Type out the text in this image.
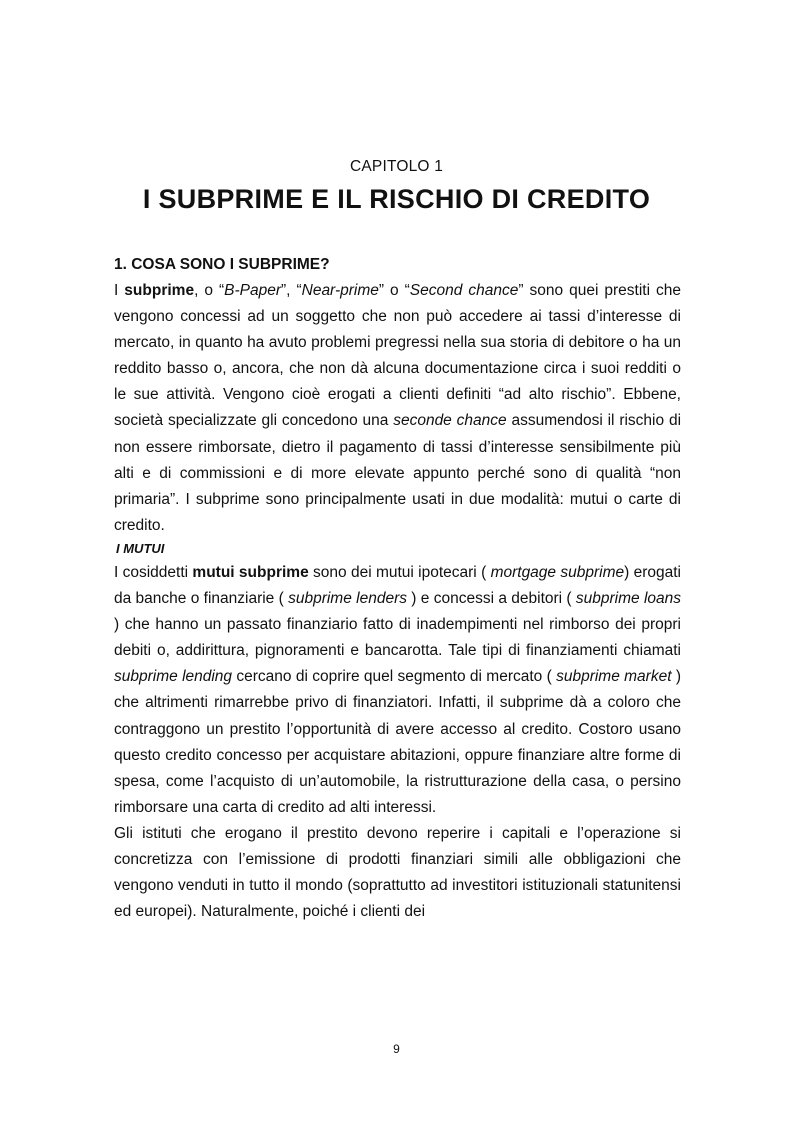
CAPITOLO 1
I SUBPRIME E IL RISCHIO DI CREDITO
1. COSA SONO I SUBPRIME?

I subprime, o “B-Paper”, “Near-prime” o “Second chance” sono quei prestiti che vengono concessi ad un soggetto che non può accedere ai tassi d’interesse di mercato, in quanto ha avuto problemi pregressi nella sua storia di debitore o ha un reddito basso o, ancora, che non dà alcuna documentazione circa i suoi redditi o le sue attività. Vengono cioè erogati a clienti definiti “ad alto rischio”. Ebbene, società specializzate gli concedono una seconde chance assumendosi il rischio di non essere rimborsate, dietro il pagamento di tassi d’interesse sensibilmente più alti e di commissioni e di more elevate appunto perché sono di qualità “non primaria”. I subprime sono principalmente usati in due modalità: mutui o carte di credito.

I MUTUI

I cosiddetti mutui subprime sono dei mutui ipotecari ( mortgage subprime) erogati da banche o finanziarie ( subprime lenders ) e concessi a debitori ( subprime loans ) che hanno un passato finanziario fatto di inadempimenti nel rimborso dei propri debiti o, addirittura, pignoramenti e bancarotta. Tale tipi di finanziamenti chiamati subprime lending cercano di coprire quel segmento di mercato ( subprime market ) che altrimenti rimarrebbe privo di finanziatori. Infatti, il subprime dà a coloro che contraggono un prestito l’opportunità di avere accesso al credito. Costoro usano questo credito concesso per acquistare abitazioni, oppure finanziare altre forme di spesa, come l’acquisto di un’automobile, la ristrutturazione della casa, o persino rimborsare una carta di credito ad alti interessi.

Gli istituti che erogano il prestito devono reperire i capitali e l’operazione si concretizza con l’emissione di prodotti finanziari simili alle obbligazioni che vengono venduti in tutto il mondo (soprattutto ad investitori istituzionali statunitensi ed europei). Naturalmente, poiché i clienti dei

9
